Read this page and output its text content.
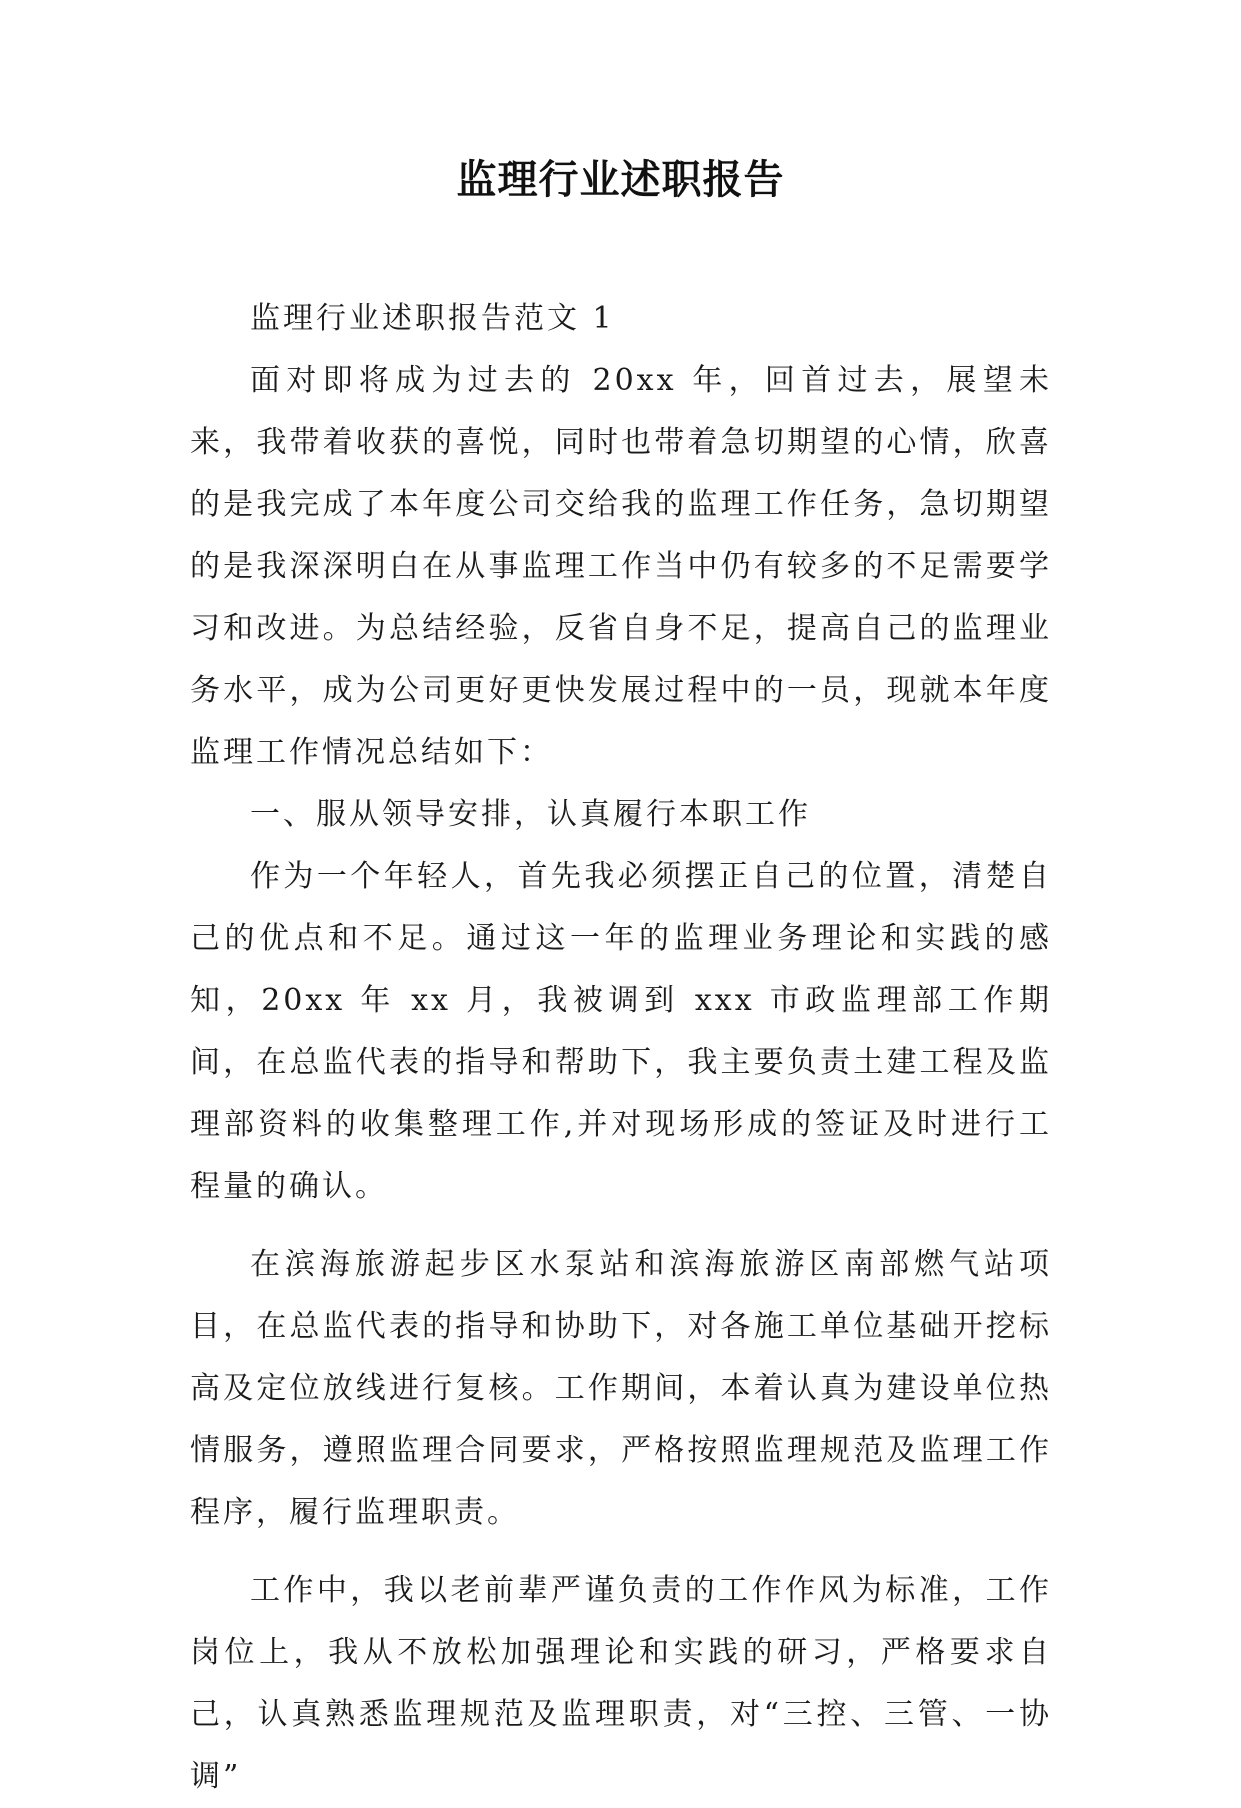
监理行业述职报告

监理行业述职报告范文 1

面对即将成为过去的 20xx 年，回首过去，展望未来，我带着收获的喜悦，同时也带着急切期望的心情，欣喜的是我完成了本年度公司交给我的监理工作任务，急切期望的是我深深明白在从事监理工作当中仍有较多的不足需要学习和改进。为总结经验，反省自身不足，提高自己的监理业务水平，成为公司更好更快发展过程中的一员，现就本年度监理工作情况总结如下：

一、服从领导安排，认真履行本职工作

作为一个年轻人，首先我必须摆正自己的位置，清楚自己的优点和不足。通过这一年的监理业务理论和实践的感知，20xx 年 xx 月，我被调到 xxx 市政监理部工作期间，在总监代表的指导和帮助下，我主要负责土建工程及监理部资料的收集整理工作,并对现场形成的签证及时进行工程量的确认。

在滨海旅游起步区水泵站和滨海旅游区南部燃气站项目，在总监代表的指导和协助下，对各施工单位基础开挖标高及定位放线进行复核。工作期间，本着认真为建设单位热情服务，遵照监理合同要求，严格按照监理规范及监理工作程序，履行监理职责。

工作中，我以老前辈严谨负责的工作作风为标准，工作岗位上，我从不放松加强理论和实践的研习，严格要求自己，认真熟悉监理规范及监理职责，对“三控、三管、一协调”
